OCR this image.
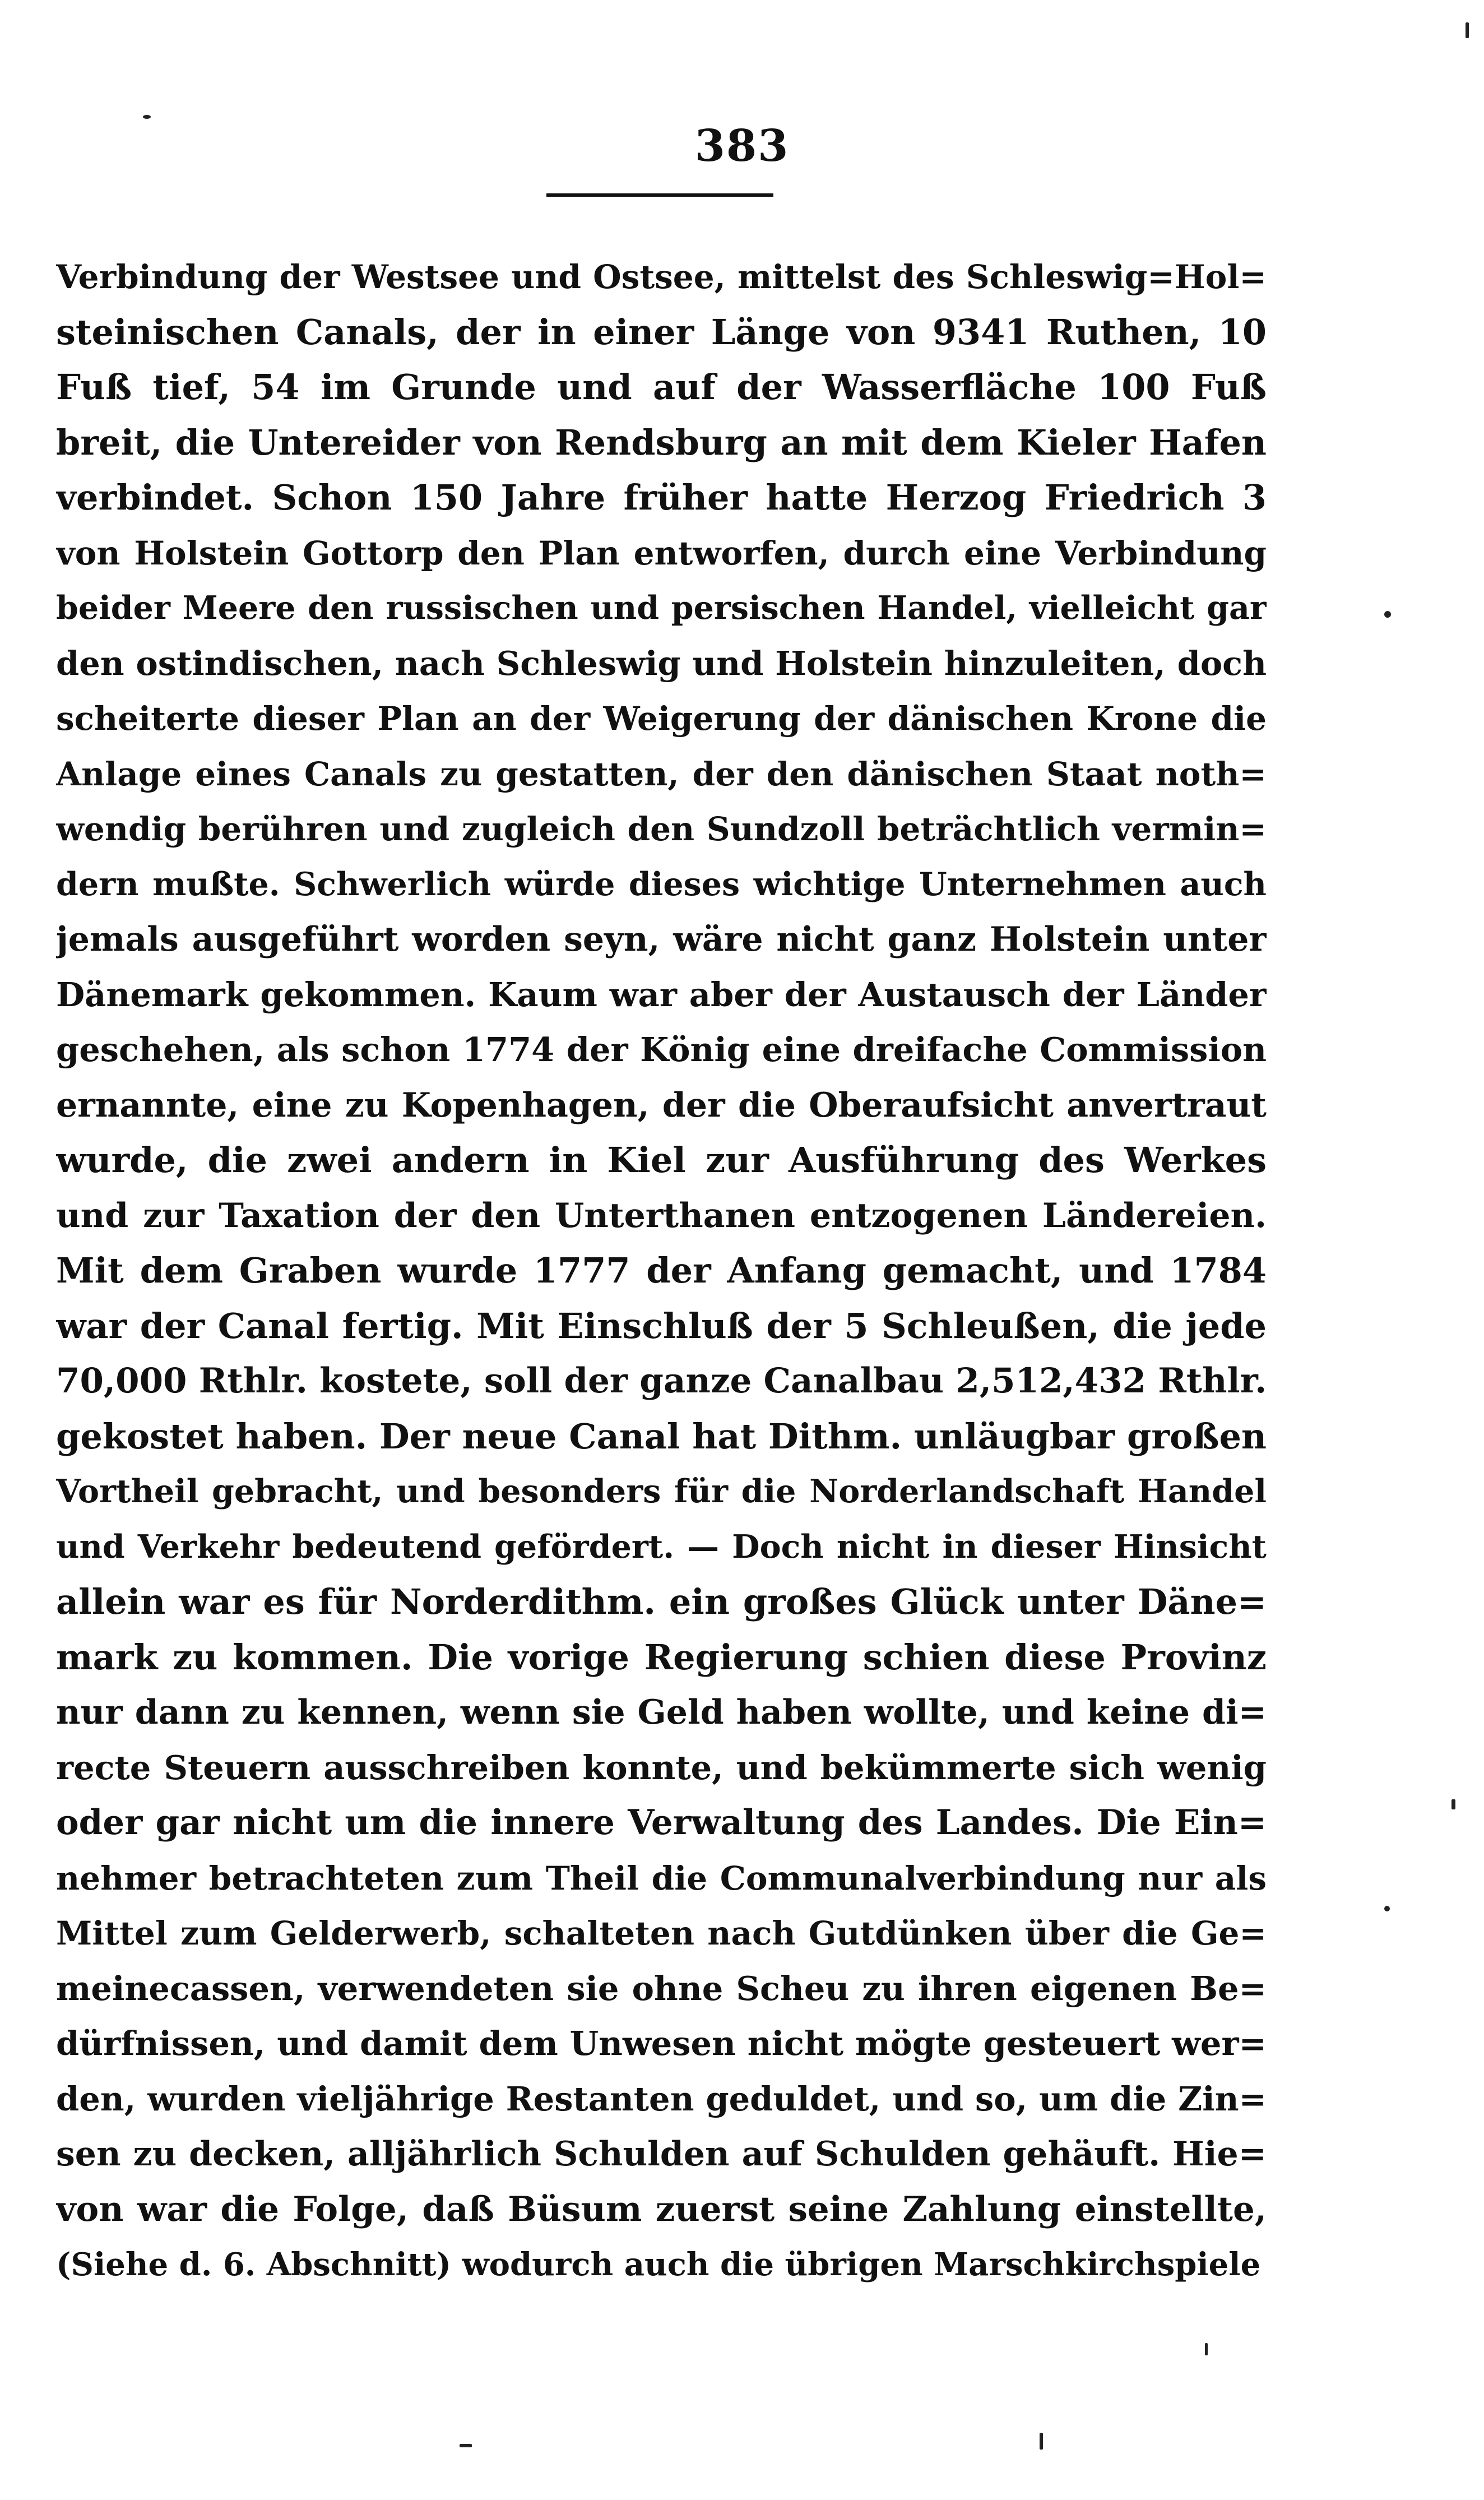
383
Verbindung der Westsee und Ostsee, mittelst des Schleswig=Hol=
steinischen Canals, der in einer Länge von 9341 Ruthen, 10
Fuß tief, 54 im Grunde und auf der Wasserfläche 100 Fuß
breit, die Untereider von Rendsburg an mit dem Kieler Hafen
verbindet. Schon 150 Jahre früher hatte Herzog Friedrich 3
von Holstein Gottorp den Plan entworfen, durch eine Verbindung
beider Meere den russischen und persischen Handel, vielleicht gar
den ostindischen, nach Schleswig und Holstein hinzuleiten, doch
scheiterte dieser Plan an der Weigerung der dänischen Krone die
Anlage eines Canals zu gestatten, der den dänischen Staat noth=
wendig berühren und zugleich den Sundzoll beträchtlich vermin=
dern mußte. Schwerlich würde dieses wichtige Unternehmen auch
jemals ausgeführt worden seyn, wäre nicht ganz Holstein unter
Dänemark gekommen. Kaum war aber der Austausch der Länder
geschehen, als schon 1774 der König eine dreifache Commission
ernannte, eine zu Kopenhagen, der die Oberaufsicht anvertraut
wurde, die zwei andern in Kiel zur Ausführung des Werkes
und zur Taxation der den Unterthanen entzogenen Ländereien.
Mit dem Graben wurde 1777 der Anfang gemacht, und 1784
war der Canal fertig. Mit Einschluß der 5 Schleußen, die jede
70,000 Rthlr. kostete, soll der ganze Canalbau 2,512,432 Rthlr.
gekostet haben. Der neue Canal hat Dithm. unläugbar großen
Vortheil gebracht, und besonders für die Norderlandschaft Handel
und Verkehr bedeutend gefördert. — Doch nicht in dieser Hinsicht
allein war es für Norderdithm. ein großes Glück unter Däne=
mark zu kommen. Die vorige Regierung schien diese Provinz
nur dann zu kennen, wenn sie Geld haben wollte, und keine di=
recte Steuern ausschreiben konnte, und bekümmerte sich wenig
oder gar nicht um die innere Verwaltung des Landes. Die Ein=
nehmer betrachteten zum Theil die Communalverbindung nur als
Mittel zum Gelderwerb, schalteten nach Gutdünken über die Ge=
meinecassen, verwendeten sie ohne Scheu zu ihren eigenen Be=
dürfnissen, und damit dem Unwesen nicht mögte gesteuert wer=
den, wurden vieljährige Restanten geduldet, und so, um die Zin=
sen zu decken, alljährlich Schulden auf Schulden gehäuft. Hie=
von war die Folge, daß Büsum zuerst seine Zahlung einstellte,
(Siehe d. 6. Abschnitt) wodurch auch die übrigen Marschkirchspiele
